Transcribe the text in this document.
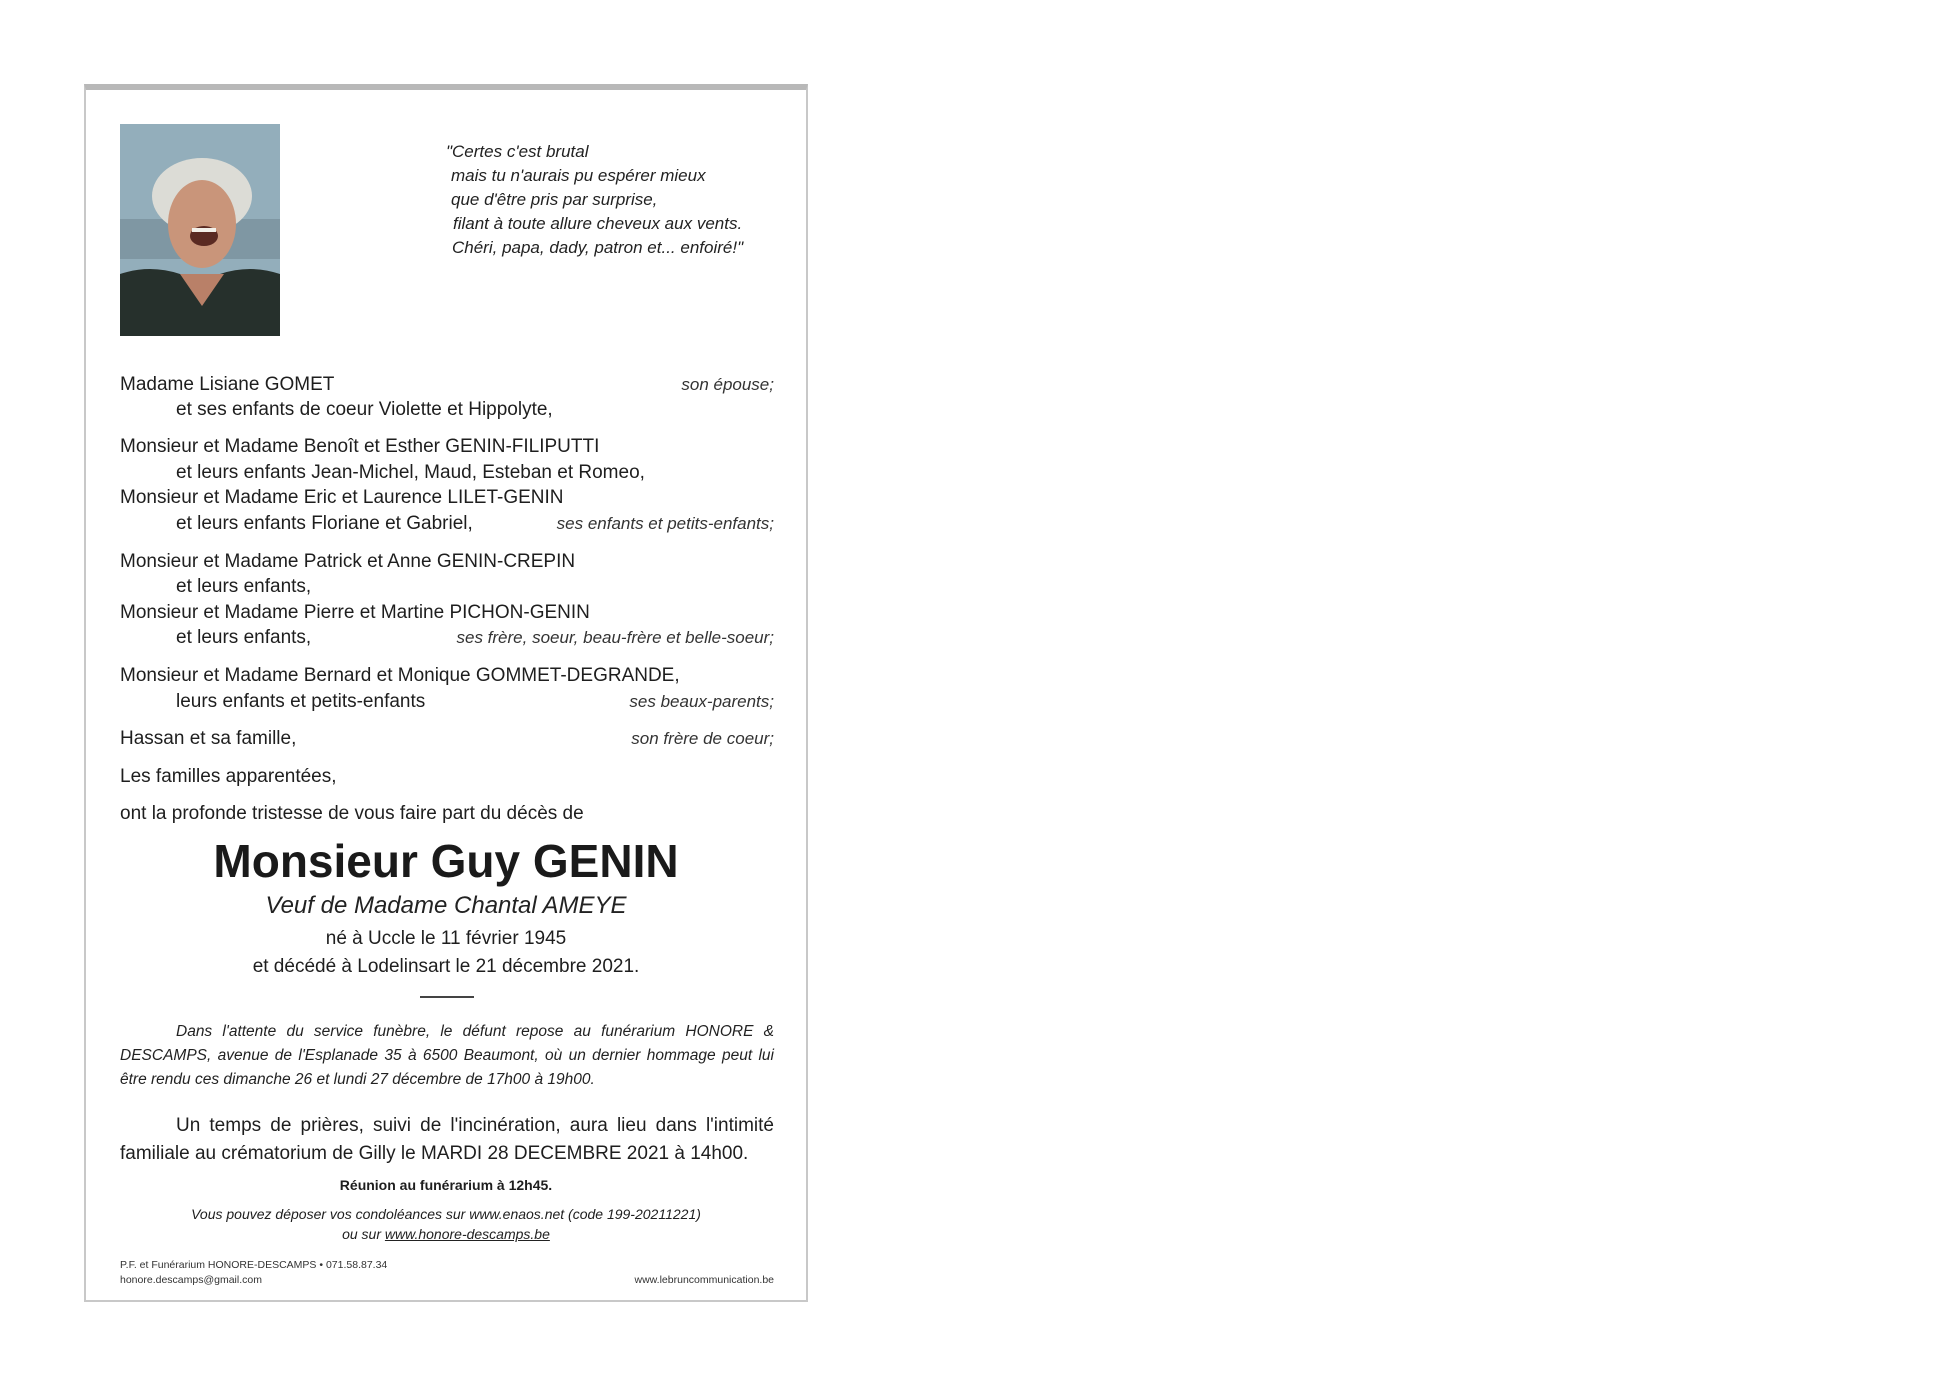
"Certes c'est brutal
mais tu n'aurais pu espérer mieux
que d'être pris par surprise,
filant à toute allure cheveux aux vents.
Chéri, papa, dady, patron et... enfoiré!"
Madame Lisiane GOMET	son épouse;
et ses enfants de coeur Violette et Hippolyte,
Monsieur et Madame Benoît et Esther GENIN-FILIPUTTI
et leurs enfants Jean-Michel, Maud, Esteban et Romeo,
Monsieur et Madame Eric et Laurence LILET-GENIN
et leurs enfants Floriane et Gabriel,	ses enfants et petits-enfants;
Monsieur et Madame Patrick et Anne GENIN-CREPIN
et leurs enfants,
Monsieur et Madame Pierre et Martine PICHON-GENIN
et leurs enfants,	ses frère, soeur, beau-frère et belle-soeur;
Monsieur et Madame Bernard et Monique GOMMET-DEGRANDE,
leurs enfants et petits-enfants	ses beaux-parents;
Hassan et sa famille,	son frère de coeur;
Les familles apparentées,
ont la profonde tristesse de vous faire part du décès de
Monsieur Guy GENIN
Veuf de Madame Chantal AMEYE
né à Uccle le 11 février 1945
et décédé à Lodelinsart le 21 décembre 2021.
Dans l'attente du service funèbre, le défunt repose au funérarium HONORE & DESCAMPS, avenue de l'Esplanade 35 à 6500 Beaumont, où un dernier hommage peut lui être rendu ces dimanche 26 et lundi 27 décembre de 17h00 à 19h00.
Un temps de prières, suivi de l'incinération, aura lieu dans l'intimité familiale au crématorium de Gilly le MARDI 28 DECEMBRE 2021 à 14h00.
Réunion au funérarium à 12h45.
Vous pouvez déposer vos condoléances sur www.enaos.net (code 199-20211221)
ou sur www.honore-descamps.be
P.F. et Funérarium HONORE-DESCAMPS • 071.58.87.34
honore.descamps@gmail.com	www.lebruncommunication.be
